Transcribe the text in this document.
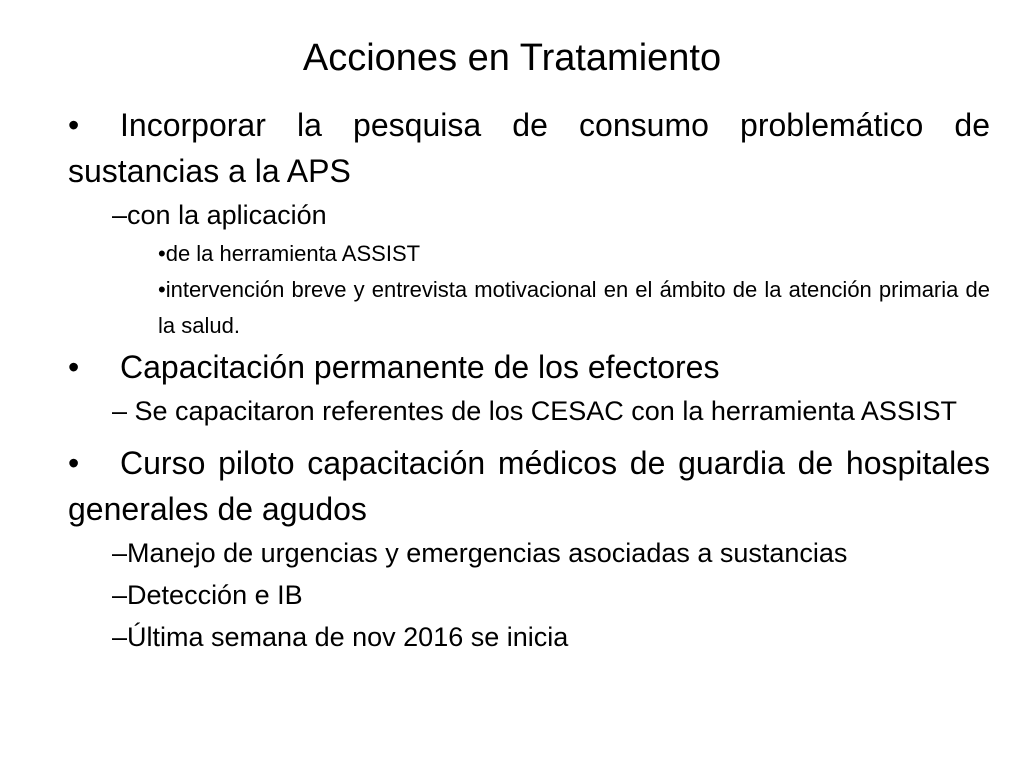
Acciones en Tratamiento

• Incorporar la pesquisa de consumo problemático de sustancias a la APS

–con la aplicación
•de la herramienta ASSIST
•intervención breve y entrevista motivacional en el ámbito de la atención primaria de la salud.

• Capacitación permanente de los efectores

– Se capacitaron referentes de los CESAC con la herramienta ASSIST

• Curso piloto capacitación médicos de guardia de hospitales generales de agudos

–Manejo de urgencias y emergencias asociadas a sustancias
–Detección e IB
–Última semana de nov 2016 se inicia
